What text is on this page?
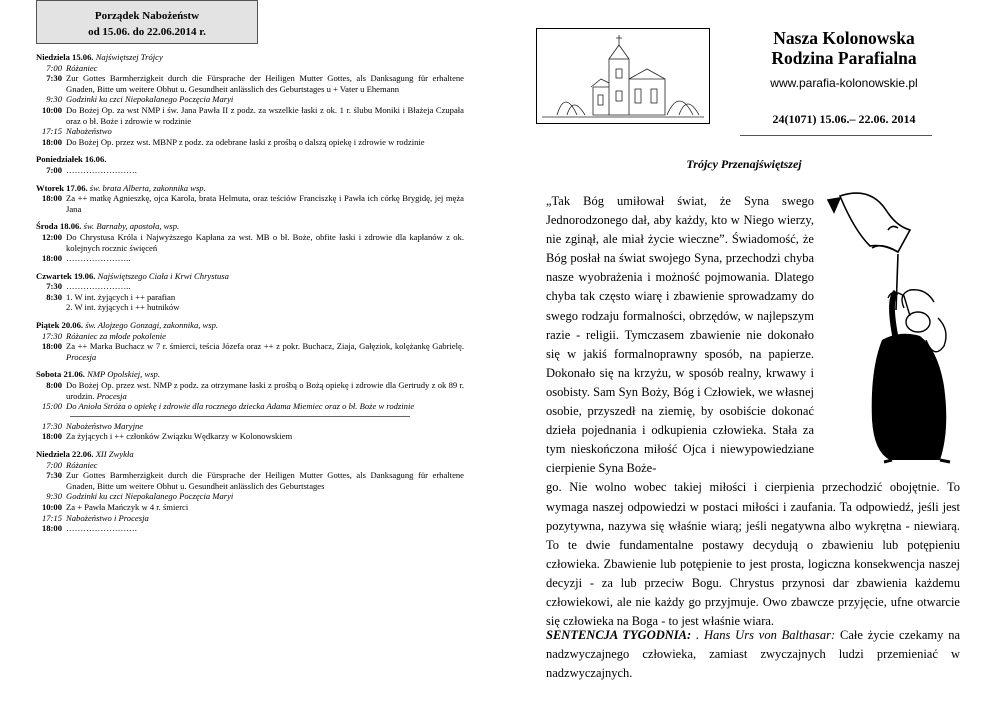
Porządek Nabożeństw
od 15.06. do 22.06.2014 r.
Niedziela 15.06. Najświętszej Trójcy
7:00 Różaniec
7:30 Zur Gottes Barmherzigkeit durch die Fürsprache der Heiligen Mutter Gottes, als Danksagung für erhaltene Gnaden, Bitte um weitere Obhut u. Gesundheit anlässlich des Geburtstages u + Vater u Ehemann
9:30 Godzinki ku czci Niepokalanego Poczęcia Maryi
10:00 Do Bożej Op. za wst NMP i św. Jana Pawła II z podz. za wszelkie łaski z ok. 1 r. ślubu Moniki i Błażeja Czupała oraz o bł. Boże i zdrowie w rodzinie
17:15 Nabożeństwo
18:00 Do Bożej Op. przez wst. MBNP z podz. za odebrane łaski z prośbą o dalszą opiekę i zdrowie w rodzinie
Poniedziałek 16.06.
7:00 …………………….
Wtorek 17.06. św. brata Alberta, zakonnika wsp.
18:00 Za ++ matkę Agnieszkę, ojca Karola, brata Helmuta, oraz teściów Franciszkę i Pawła ich córkę Brygidę, jej męża Jana
Środa 18.06. św. Barnaby, apostoła, wsp.
12:00 Do Chrystusa Króla i Najwyższego Kapłana za wst. MB o bł. Boże, obfite łaski i zdrowie dla kapłanów z ok. kolejnych rocznic święceń
18:00 …………………..
Czwartek 19.06. Najświętszego Ciała i Krwi Chrystusa
7:30 …………………..
8:30 1. W int. żyjących i ++ parafian
2. W int. żyjących i ++ hutników
Piątek 20.06. św. Alojzego Gonzagi, zakonnika, wsp.
17:30 Różaniec za młode pokolenie
18:00 Za ++ Marka Buchacz w 7 r. śmierci, teścia Józefa oraz ++ z pokr. Buchacz, Ziaja, Gałęziok, kolężankę Gabrielę. Procesja
Sobota 21.06. NMP Opolskiej, wsp.
8:00 Do Bożej Op. przez wst. NMP z podz. za otrzymane łaski z prośbą o Bożą opiekę i zdrowie dla Gertrudy z ok 89 r. urodzin. Procesja
15:00 Do Anioła Stróża o opiekę i zdrowie dla rocznego dziecka Adama Miemiec oraz o bł. Boże w rodzinie
17:30 Nabożeństwo Maryjne
18:00 Za żyjących i ++ członków Związku Wędkarzy w Kolonowskiem
Niedziela 22.06. XII Zwykła
7:00 Różaniec
7:30 Zur Gottes Barmherzigkeit durch die Fürsprache der Heiligen Mutter Gottes, als Danksagung für erhaltene Gnaden, Bitte um weitere Obhut u. Gesundheit anlässlich des Geburtstages
9:30 Godzinki ku czci Niepokalanego Poczęcia Maryi
10:00 Za + Pawła Mańczyk w 4 r. śmierci
17:15 Nabożeństwo i Procesja
18:00 …………………….
Nasza Kolonowska
Rodzina Parafialna
www.parafia-kolonowskie.pl
24(1071) 15.06.– 22.06. 2014
Trójcy Przenajświętszej
„Tak Bóg umiłował świat, że Syna swego Jednorodzonego dał, aby każdy, kto w Niego wierzy, nie zginął, ale miał życie wieczne”. Świadomość, że Bóg posłał na świat swojego Syna, przechodzi chyba nasze wyobrażenia i możność pojmowania. Dlatego chyba tak często wiarę i zbawienie sprowadzamy do swego rodzaju formalności, obrzędów, w najlepszym razie - religii. Tymczasem zbawienie nie dokonało się w jakiś formalnoprawny sposób, na papierze. Dokonało się na krzyżu, w sposób realny, krwawy i osobisty. Sam Syn Boży, Bóg i Człowiek, we własnej osobie, przyszedł na ziemię, by osobiście dokonać dzieła pojednania i odkupienia człowieka. Stała za tym nieskończona miłość Ojca i niewypowiedziane cierpienie Syna Boże-
go. Nie wolno wobec takiej miłości i cierpienia przechodzić obojętnie. To wymaga naszej odpowiedzi w postaci miłości i zaufania. Ta odpowiedź, jeśli jest pozytywna, nazywa się właśnie wiarą; jeśli negatywna albo wykrętna - niewiarą. To te dwie fundamentalne postawy decydują o zbawieniu lub potępieniu człowieka. Zbawienie lub potępienie to jest prosta, logiczna konsekwencja naszej decyzji - za lub przeciw Bogu. Chrystus przynosi dar zbawienia każdemu człowiekowi, ale nie każdy go przyjmuje. Owo zbawcze przyjęcie, ufne otwarcie się człowieka na Boga - to jest właśnie wiara.
SENTENCJA TYGODNIA: . Hans Urs von Balthasar: Całe życie czekamy na nadzwyczajnego człowieka, zamiast zwyczajnych ludzi przemieniać w nadzwyczajnych.
